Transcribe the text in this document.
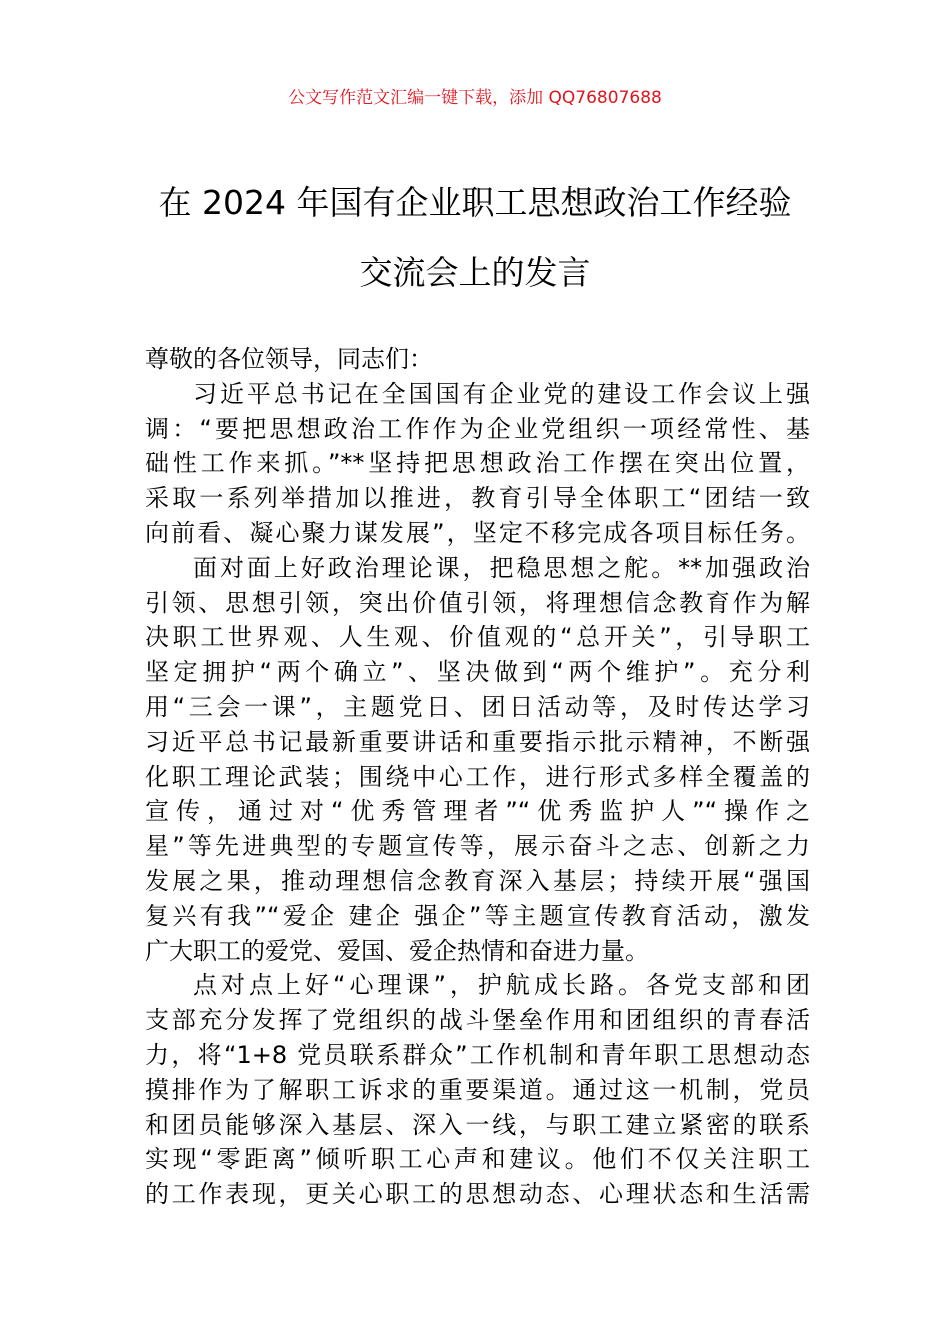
公文写作范文汇编一键下载，添加 QQ76807688
在 2024 年国有企业职工思想政治工作经验
交流会上的发言
尊敬的各位领导，同志们：
习近平总书记在全国国有企业党的建设工作会议上强
调：“要把思想政治工作作为企业党组织一项经常性、基
础性工作来抓。”**坚持把思想政治工作摆在突出位置，
采取一系列举措加以推进，教育引导全体职工“团结一致
向前看、凝心聚力谋发展”，坚定不移完成各项目标任务。
面对面上好政治理论课，把稳思想之舵。**加强政治
引领、思想引领，突出价值引领，将理想信念教育作为解
决职工世界观、人生观、价值观的“总开关”，引导职工
坚定拥护“两个确立”、坚决做到“两个维护”。充分利
用“三会一课”，主题党日、团日活动等，及时传达学习
习近平总书记最新重要讲话和重要指示批示精神，不断强
化职工理论武装；围绕中心工作，进行形式多样全覆盖的
宣传，通过对“优秀管理者”“优秀监护人”“操作之
星”等先进典型的专题宣传等，展示奋斗之志、创新之力
发展之果，推动理想信念教育深入基层；持续开展“强国
复兴有我”“爱企 建企 强企”等主题宣传教育活动，激发
广大职工的爱党、爱国、爱企热情和奋进力量。
点对点上好“心理课”，护航成长路。各党支部和团
支部充分发挥了党组织的战斗堡垒作用和团组织的青春活
力，将“1+8 党员联系群众”工作机制和青年职工思想动态
摸排作为了解职工诉求的重要渠道。通过这一机制，党员
和团员能够深入基层、深入一线，与职工建立紧密的联系
实现“零距离”倾听职工心声和建议。他们不仅关注职工
的工作表现，更关心职工的思想动态、心理状态和生活需
